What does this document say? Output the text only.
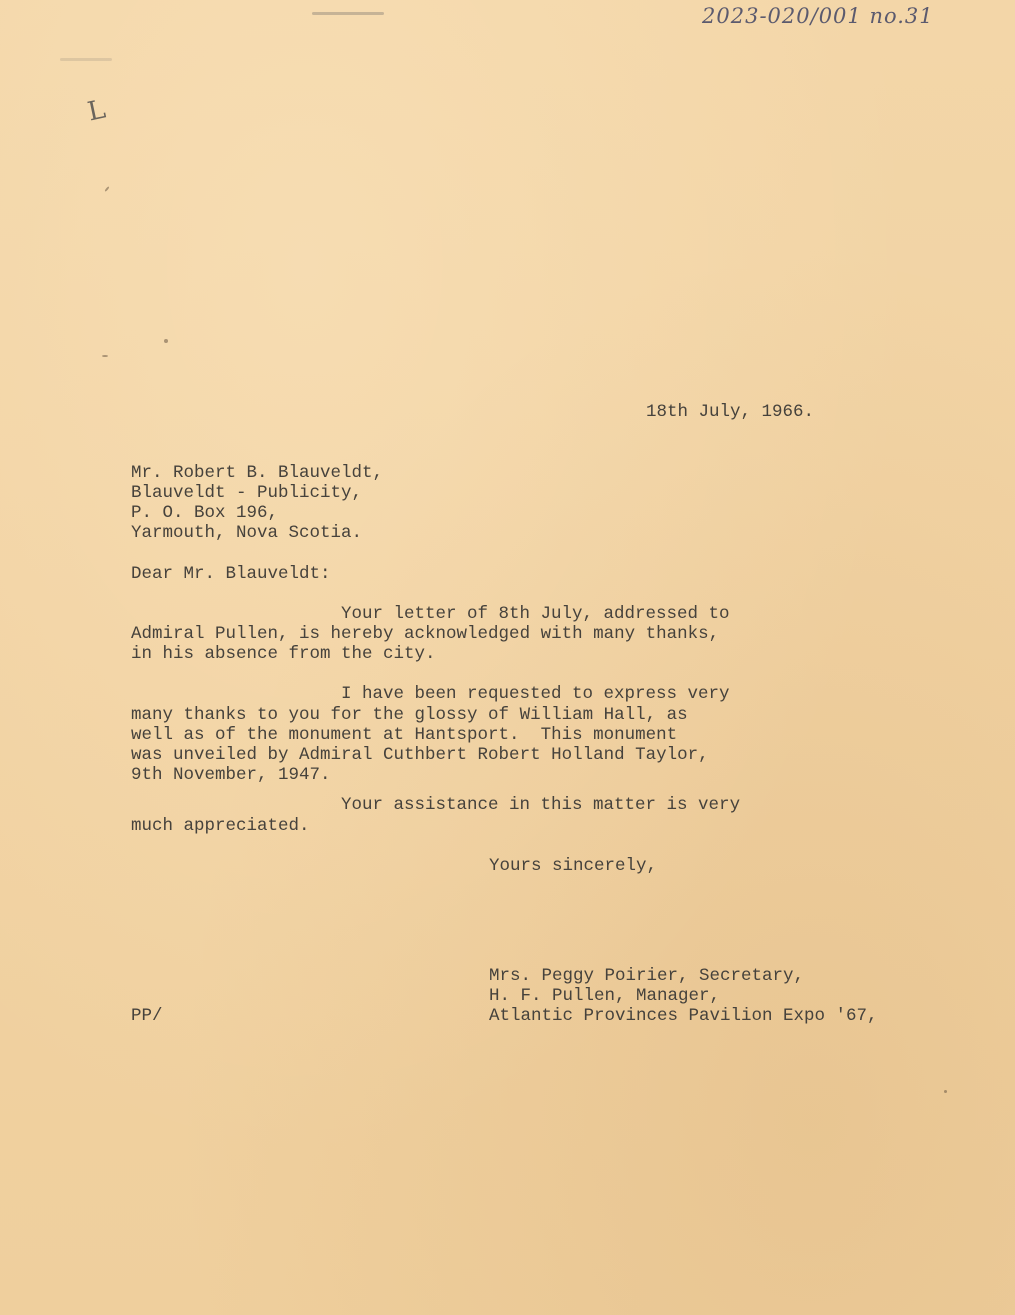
2023-020/001 no.31
L
18th July, 1966.
Mr. Robert B. Blauveldt,
Blauveldt - Publicity,
P. O. Box 196,
Yarmouth, Nova Scotia.
Dear Mr. Blauveldt:
Your letter of 8th July, addressed to
Admiral Pullen, is hereby acknowledged with many thanks,
in his absence from the city.
I have been requested to express very
many thanks to you for the glossy of William Hall, as
well as of the monument at Hantsport.  This monument
was unveiled by Admiral Cuthbert Robert Holland Taylor,
9th November, 1947.
Your assistance in this matter is very
much appreciated.
Yours sincerely,
Mrs. Peggy Poirier, Secretary,
H. F. Pullen, Manager,
Atlantic Provinces Pavilion Expo '67,
PP/
